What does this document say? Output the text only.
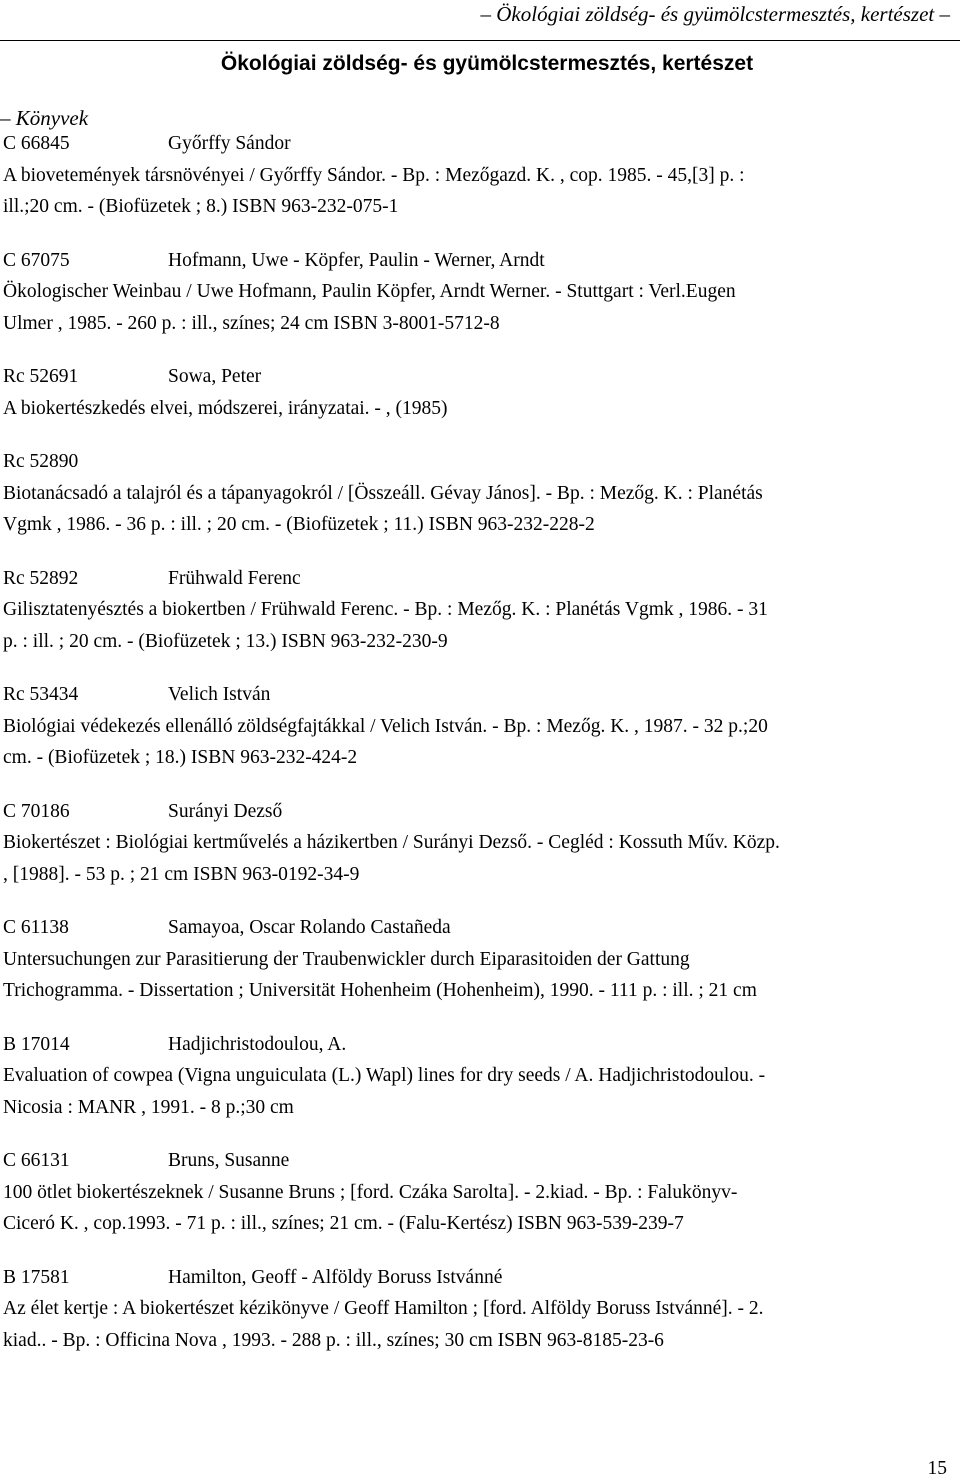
– Ökológiai zöldség- és gyümölcstermesztés, kertészet –
Ökológiai zöldség- és gyümölcstermesztés, kertészet
– Könyvek
C 66845	Győrffy Sándor
A biovetemények társnövényei / Győrffy Sándor. - Bp. : Mezőgazd. K. , cop. 1985. - 45,[3] p. :
ill.;20 cm. - (Biofüzetek ; 8.) ISBN 963-232-075-1
C 67075	Hofmann, Uwe - Köpfer, Paulin - Werner, Arndt
Ökologischer Weinbau / Uwe Hofmann, Paulin Köpfer, Arndt Werner. - Stuttgart : Verl.Eugen
Ulmer , 1985. - 260 p. : ill., színes; 24 cm ISBN 3-8001-5712-8
Rc 52691	Sowa, Peter
A biokertészkedés elvei, módszerei, irányzatai. - , (1985)
Rc 52890
Biotanácsadó a talajról és a tápanyagokról / [Összeáll. Gévay János]. - Bp. : Mezőg. K. : Planétás
Vgmk , 1986. - 36 p. : ill. ; 20 cm. - (Biofüzetek ; 11.) ISBN 963-232-228-2
Rc 52892	Frühwald Ferenc
Gilisztatenyésztés a biokertben / Frühwald Ferenc. - Bp. : Mezőg. K. : Planétás Vgmk , 1986. - 31
p. : ill. ; 20 cm. - (Biofüzetek ; 13.) ISBN 963-232-230-9
Rc 53434	Velich István
Biológiai védekezés ellenálló zöldségfajtákkal / Velich István. - Bp. : Mezőg. K. , 1987. - 32 p.;20
cm. - (Biofüzetek ; 18.) ISBN 963-232-424-2
C 70186	Surányi Dezső
Biokertészet : Biológiai kertművelés a házikertben / Surányi Dezső. - Cegléd : Kossuth Műv. Közp.
, [1988]. - 53 p. ; 21 cm ISBN 963-0192-34-9
C 61138	Samayoa, Oscar Rolando Castañeda
Untersuchungen zur Parasitierung der Traubenwickler durch Eiparasitoiden der Gattung
Trichogramma. - Dissertation ; Universität Hohenheim (Hohenheim), 1990. - 111 p. : ill. ; 21 cm
B 17014	Hadjichristodoulou, A.
Evaluation of cowpea (Vigna unguiculata (L.) Wapl) lines for dry seeds / A. Hadjichristodoulou. -
Nicosia : MANR , 1991. - 8 p.;30 cm
C 66131	Bruns, Susanne
100 ötlet biokertészeknek / Susanne Bruns ; [ford. Czáka Sarolta]. - 2.kiad. - Bp. : Falukönyv-
Ciceró K. , cop.1993. - 71 p. : ill., színes; 21 cm. - (Falu-Kertész) ISBN 963-539-239-7
B 17581	Hamilton, Geoff - Alföldy Boruss Istvánné
Az élet kertje : A biokertészet kézikönyve / Geoff Hamilton ; [ford. Alföldy Boruss Istvánné]. - 2.
kiad.. - Bp. : Officina Nova , 1993. - 288 p. : ill., színes; 30 cm ISBN 963-8185-23-6
15
